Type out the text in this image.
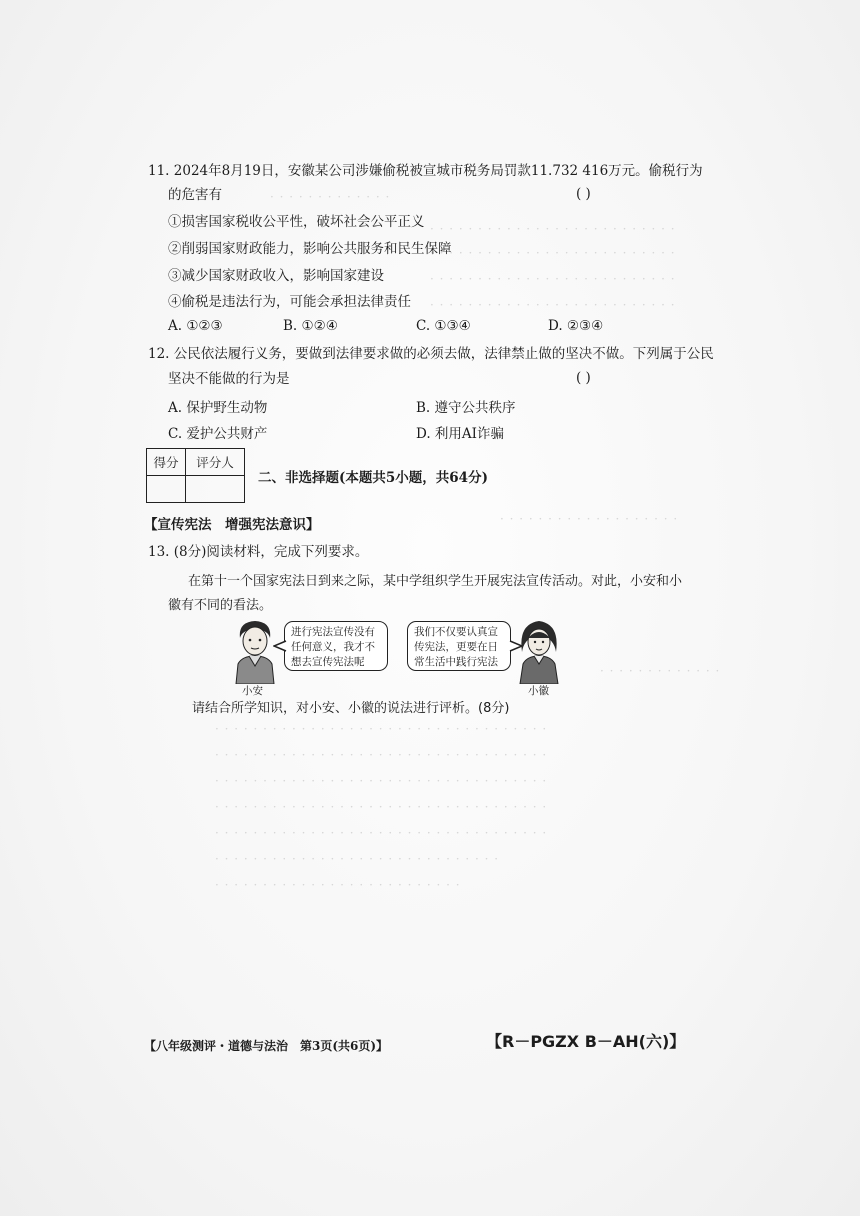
· · · · · · · · · · · · ·
· · · · · · · · · · · · · · · · · · · · · · · · · ·
· · · · · · · · · · · · · · · · · · · · · · · · · ·
· · · · · · · · · · · · · · · · · · · · · · · · · ·
· · · · · · · · · · · · · · · · · · · · · · · · · ·
· · · · · · · · · · · · · · · · · · ·
· · · · · · · · · · · · ·
· · · · · · · · · · · · · · · · · · · · · · · · · · · · · · · · · · ·
· · · · · · · · · · · · · · · · · · · · · · · · · · · · · · · · · · ·
· · · · · · · · · · · · · · · · · · · · · · · · · · · · · · · · · · ·
· · · · · · · · · · · · · · · · · · · · · · · · · · · · · · · · · · ·
· · · · · · · · · · · · · · · · · · · · · · · · · · · · · · · · · · ·
· · · · · · · · · · · · · · · · · · · · · · · · · · · · · ·
· · · · · · · · · · · · · · · · · · · · · · · · · ·
11. 2024年8月19日，安徽某公司涉嫌偷税被宣城市税务局罚款11.732 416万元。偷税行为
的危害有	( )
①损害国家税收公平性，破坏社会公平正义
②削弱国家财政能力，影响公共服务和民生保障
③减少国家财政收入，影响国家建设
④偷税是违法行为，可能会承担法律责任
A. ①②③	B. ①②④	C. ①③④	D. ②③④
12. 公民依法履行义务，要做到法律要求做的必须去做，法律禁止做的坚决不做。下列属于公民
坚决不能做的行为是	( )
A. 保护野生动物	B. 遵守公共秩序
C. 爱护公共财产	D. 利用AI诈骗
得分	评分人

二、非选择题(本题共5小题，共64分)
【宣传宪法　增强宪法意识】
13. (8分)阅读材料，完成下列要求。
在第十一个国家宪法日到来之际，某中学组织学生开展宪法宣传活动。对此，小安和小
徽有不同的看法。
小安
进行宪法宣传没有任何意义，我才不想去宣传宪法呢
我们不仅要认真宣传宪法，更要在日常生活中践行宪法
小徽
请结合所学知识，对小安、小徽的说法进行评析。(8分)
【八年级测评・道德与法治　第3页(共6页)】	【R－PGZX B－AH(六)】
